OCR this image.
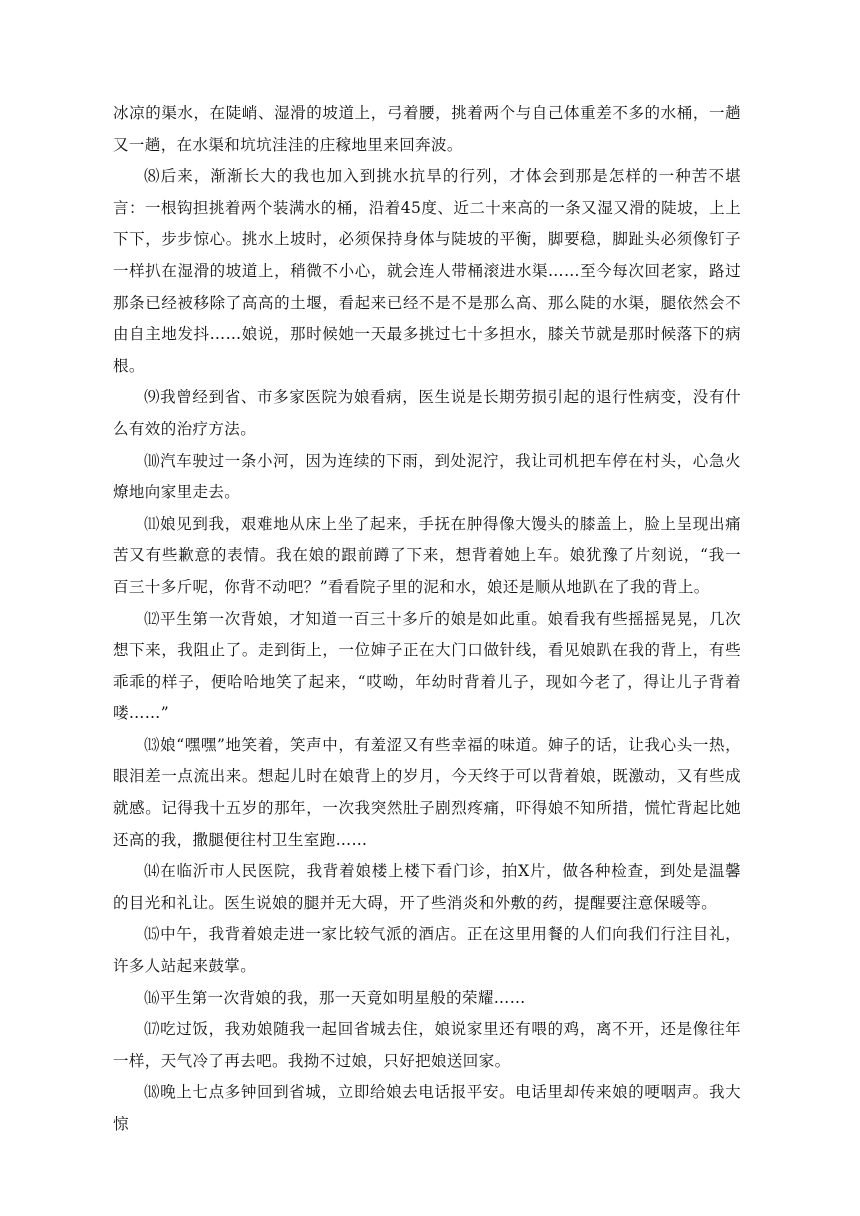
冰凉的渠水，在陡峭、湿滑的坡道上，弓着腰，挑着两个与自己体重差不多的水桶，一趟又一趟，在水渠和坑坑洼洼的庄稼地里来回奔波。

⑻后来，渐渐长大的我也加入到挑水抗旱的行列，才体会到那是怎样的一种苦不堪言：一根钩担挑着两个装满水的桶，沿着45度、近二十来高的一条又湿又滑的陡坡，上上下下，步步惊心。挑水上坡时，必须保持身体与陡坡的平衡，脚要稳，脚趾头必须像钉子一样扒在湿滑的坡道上，稍微不小心，就会连人带桶滚进水渠……至今每次回老家，路过那条已经被移除了高高的土堰，看起来已经不是不是那么高、那么陡的水渠，腿依然会不由自主地发抖……娘说，那时候她一天最多挑过七十多担水，膝关节就是那时候落下的病根。

⑼我曾经到省、市多家医院为娘看病，医生说是长期劳损引起的退行性病变，没有什么有效的治疗方法。

⑽汽车驶过一条小河，因为连续的下雨，到处泥泞，我让司机把车停在村头，心急火燎地向家里走去。

⑾娘见到我，艰难地从床上坐了起来，手抚在肿得像大馒头的膝盖上，脸上呈现出痛苦又有些歉意的表情。我在娘的跟前蹲了下来，想背着她上车。娘犹豫了片刻说，“我一百三十多斤呢，你背不动吧？”看看院子里的泥和水，娘还是顺从地趴在了我的背上。

⑿平生第一次背娘，才知道一百三十多斤的娘是如此重。娘看我有些摇摇晃晃，几次想下来，我阻止了。走到街上，一位婶子正在大门口做针线，看见娘趴在我的背上，有些乖乖的样子，便哈哈地笑了起来，“哎呦，年幼时背着儿子，现如今老了，得让儿子背着喽……”

⒀娘“嘿嘿”地笑着，笑声中，有羞涩又有些幸福的味道。婶子的话，让我心头一热，眼泪差一点流出来。想起儿时在娘背上的岁月，今天终于可以背着娘，既激动，又有些成就感。记得我十五岁的那年，一次我突然肚子剧烈疼痛，吓得娘不知所措，慌忙背起比她还高的我，撒腿便往村卫生室跑……

⒁在临沂市人民医院，我背着娘楼上楼下看门诊，拍X片，做各种检查，到处是温馨的目光和礼让。医生说娘的腿并无大碍，开了些消炎和外敷的药，提醒要注意保暖等。

⒂中午，我背着娘走进一家比较气派的酒店。正在这里用餐的人们向我们行注目礼，许多人站起来鼓掌。

⒃平生第一次背娘的我，那一天竟如明星般的荣耀……

⒄吃过饭，我劝娘随我一起回省城去住，娘说家里还有喂的鸡，离不开，还是像往年一样，天气冷了再去吧。我拗不过娘，只好把娘送回家。

⒅晚上七点多钟回到省城，立即给娘去电话报平安。电话里却传来娘的哽咽声。我大惊
